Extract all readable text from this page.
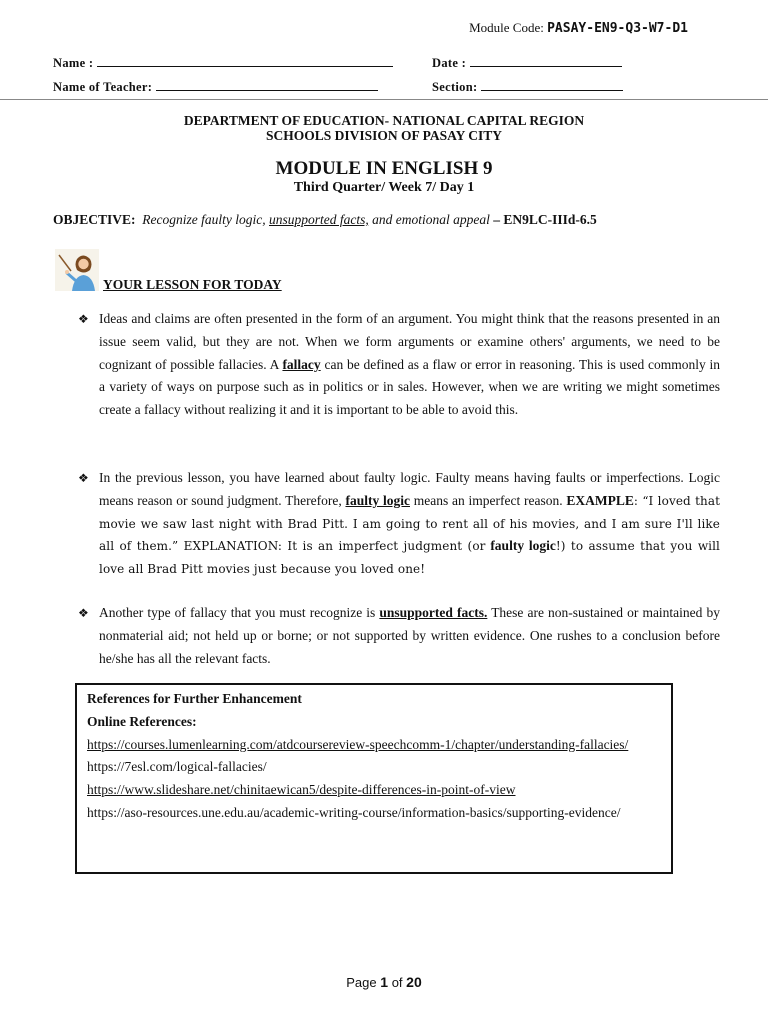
Module Code: PASAY-EN9-Q3-W7-D1
Name :	Date :
Name of Teacher:	Section:
DEPARTMENT OF EDUCATION- NATIONAL CAPITAL REGION
SCHOOLS DIVISION OF PASAY CITY
MODULE IN ENGLISH 9
Third Quarter/ Week 7/ Day 1
OBJECTIVE: Recognize faulty logic, unsupported facts, and emotional appeal – EN9LC-IIId-6.5
YOUR LESSON FOR TODAY
❖ Ideas and claims are often presented in the form of an argument. You might think that the reasons presented in an issue seem valid, but they are not. When we form arguments or examine others' arguments, we need to be cognizant of possible fallacies. A fallacy can be defined as a flaw or error in reasoning. This is used commonly in a variety of ways on purpose such as in politics or in sales. However, when we are writing we might sometimes create a fallacy without realizing it and it is important to be able to avoid this.

❖ In the previous lesson, you have learned about faulty logic. Faulty means having faults or imperfections. Logic means reason or sound judgment. Therefore, faulty logic means an imperfect reason. EXAMPLE: “I loved that movie we saw last night with Brad Pitt. I am going to rent all of his movies, and I am sure I'll like all of them.” EXPLANATION: It is an imperfect judgment (or faulty logic!) to assume that you will love all Brad Pitt movies just because you loved one!

❖ Another type of fallacy that you must recognize is unsupported facts. These are non-sustained or maintained by nonmaterial aid; not held up or borne; or not supported by written evidence. One rushes to a conclusion before he/she has all the relevant facts.

References for Further Enhancement
Online References:
https://courses.lumenlearning.com/atdcoursereview-speechcomm-1/chapter/understanding-fallacies/
https://7esl.com/logical-fallacies/
https://www.slideshare.net/chinitaewican5/despite-differences-in-point-of-view
https://aso-resources.une.edu.au/academic-writing-course/information-basics/supporting-evidence/
Page 1 of 20
